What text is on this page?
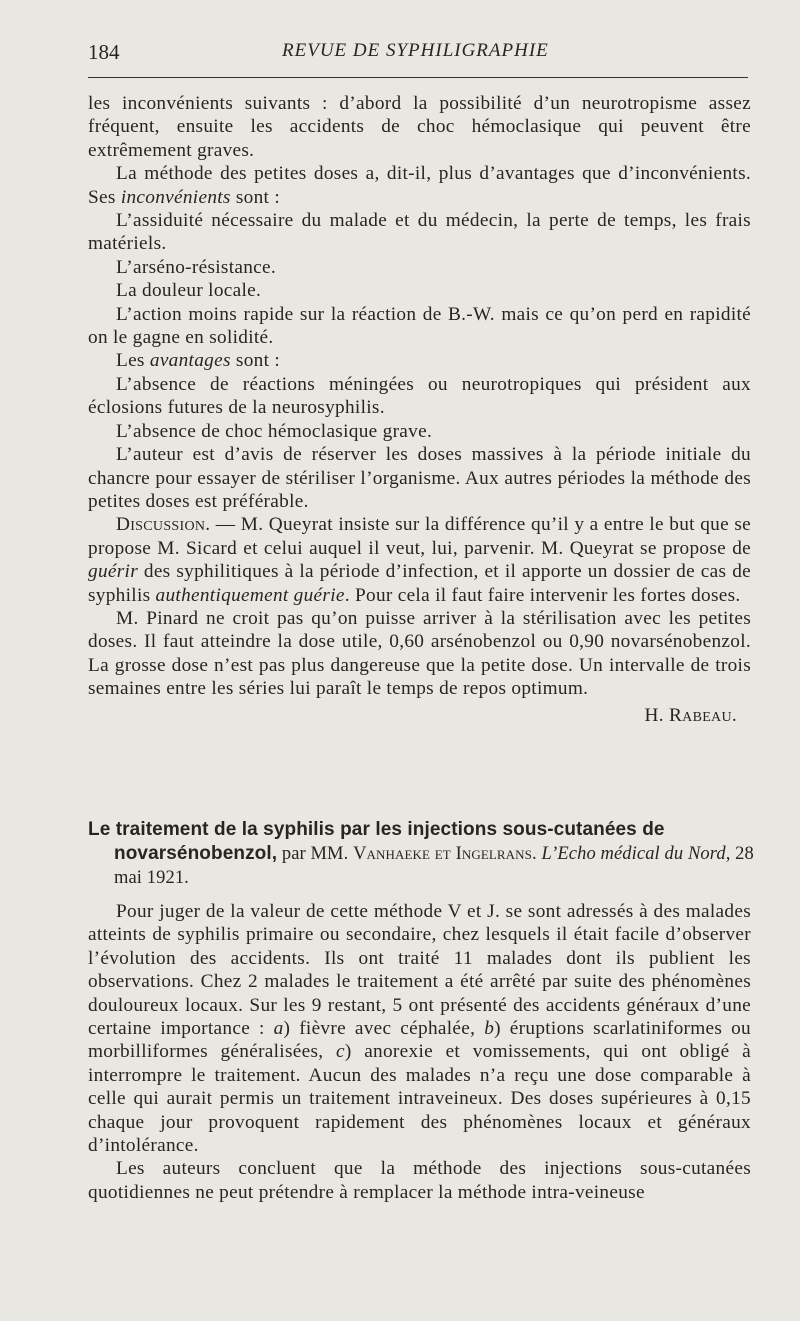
184	REVUE DE SYPHILIGRAPHIE

les inconvénients suivants : d’abord la possibilité d’un neurotropisme assez fréquent, ensuite les accidents de choc hémoclasique qui peuvent être extrêmement graves.

La méthode des petites doses a, dit-il, plus d’avantages que d’inconvénients. Ses inconvénients sont :

L’assiduité nécessaire du malade et du médecin, la perte de temps, les frais matériels.

L’arséno-résistance.

La douleur locale.

L’action moins rapide sur la réaction de B.-W. mais ce qu’on perd en rapidité on le gagne en solidité.

Les avantages sont :

L’absence de réactions méningées ou neurotropiques qui président aux éclosions futures de la neurosyphilis.

L’absence de choc hémoclasique grave.

L’auteur est d’avis de réserver les doses massives à la période initiale du chancre pour essayer de stériliser l’organisme. Aux autres périodes la méthode des petites doses est préférable.

Discussion. — M. Queyrat insiste sur la différence qu’il y a entre le but que se propose M. Sicard et celui auquel il veut, lui, parvenir. M. Queyrat se propose de guérir des syphilitiques à la période d’infection, et il apporte un dossier de cas de syphilis authentiquement guérie. Pour cela il faut faire intervenir les fortes doses.

M. Pinard ne croit pas qu’on puisse arriver à la stérilisation avec les petites doses. Il faut atteindre la dose utile, 0,60 arsénobenzol ou 0,90 novarsénobenzol. La grosse dose n’est pas plus dangereuse que la petite dose. Un intervalle de trois semaines entre les séries lui paraît le temps de repos optimum.

H. Rabeau.

Le traitement de la syphilis par les injections sous-cutanées de novarsénobenzol, par MM. Vanhaeke et Ingelrans. L’Echo médical du Nord, 28 mai 1921.

Pour juger de la valeur de cette méthode V et J. se sont adressés à des malades atteints de syphilis primaire ou secondaire, chez lesquels il était facile d’observer l’évolution des accidents. Ils ont traité 11 malades dont ils publient les observations. Chez 2 malades le traitement a été arrêté par suite des phénomènes douloureux locaux. Sur les 9 restant, 5 ont présenté des accidents généraux d’une certaine importance : a) fièvre avec céphalée, b) éruptions scarlatiniformes ou morbilliformes généralisées, c) anorexie et vomissements, qui ont obligé à interrompre le traitement. Aucun des malades n’a reçu une dose comparable à celle qui aurait permis un traitement intraveineux. Des doses supérieures à 0,15 chaque jour provoquent rapidement des phénomènes locaux et généraux d’intolérance.

Les auteurs concluent que la méthode des injections sous-cutanées quotidiennes ne peut prétendre à remplacer la méthode intra-veineuse
